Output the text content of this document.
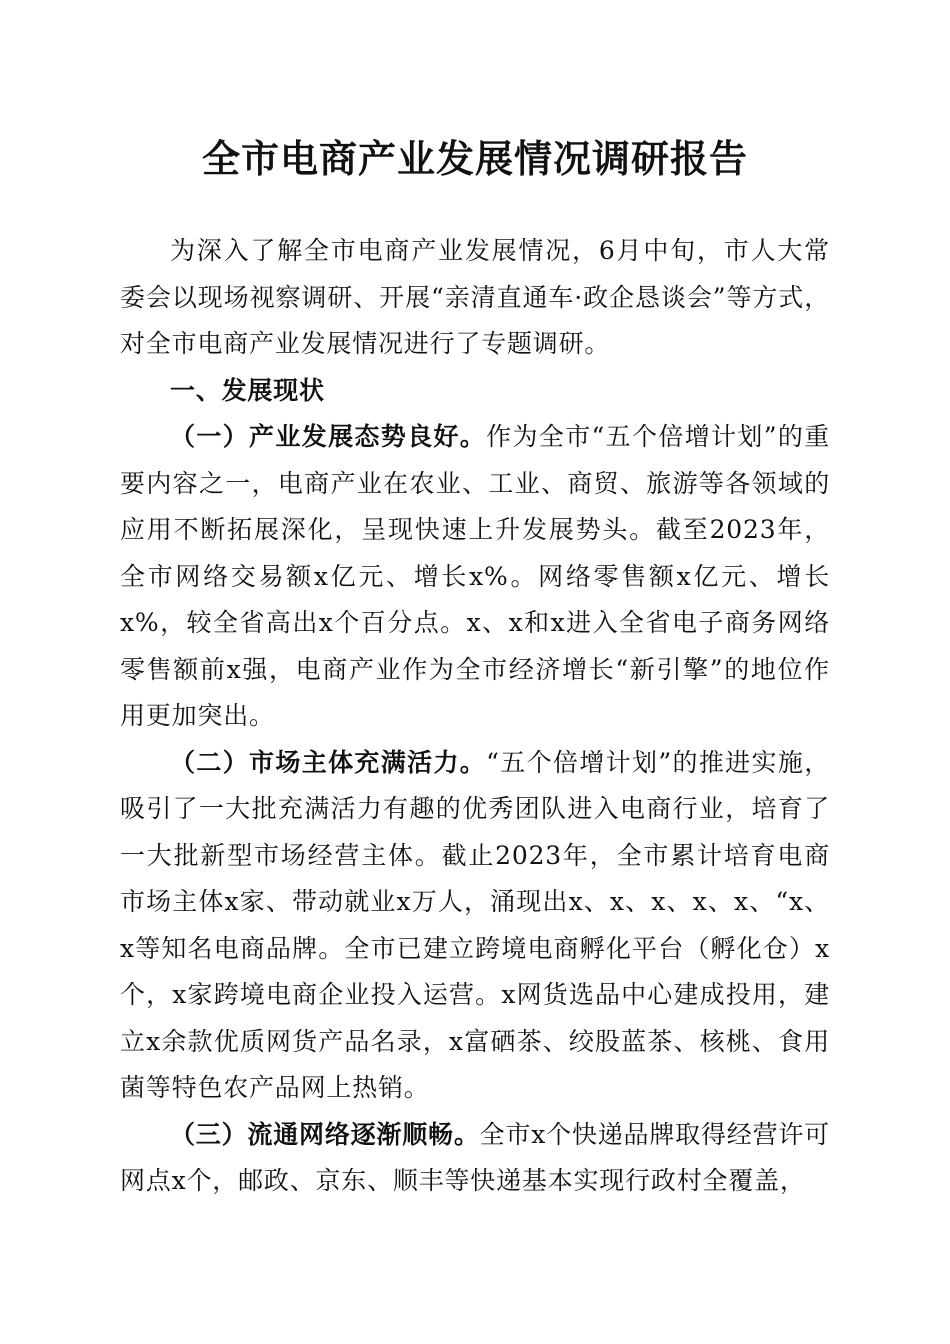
全市电商产业发展情况调研报告

为深入了解全市电商产业发展情况，6月中旬，市人大常委会以现场视察调研、开展“亲清直通车·政企恳谈会”等方式，对全市电商产业发展情况进行了专题调研。

一、发展现状

（一）产业发展态势良好。作为全市“五个倍增计划”的重要内容之一，电商产业在农业、工业、商贸、旅游等各领域的应用不断拓展深化，呈现快速上升发展势头。截至2023年，全市网络交易额x亿元、增长x%。网络零售额x亿元、增长x%，较全省高出x个百分点。x、x和x进入全省电子商务网络零售额前x强，电商产业作为全市经济增长“新引擎”的地位作用更加突出。

（二）市场主体充满活力。“五个倍增计划”的推进实施，吸引了一大批充满活力有趣的优秀团队进入电商行业，培育了一大批新型市场经营主体。截止2023年，全市累计培育电商市场主体x家、带动就业x万人，涌现出x、x、x、x、x、“x、x等知名电商品牌。全市已建立跨境电商孵化平台（孵化仓）x个，x家跨境电商企业投入运营。x网货选品中心建成投用，建立x余款优质网货产品名录，x富硒茶、绞股蓝茶、核桃、食用菌等特色农产品网上热销。

（三）流通网络逐渐顺畅。全市x个快递品牌取得经营许可网点x个，邮政、京东、顺丰等快递基本实现行政村全覆盖，
